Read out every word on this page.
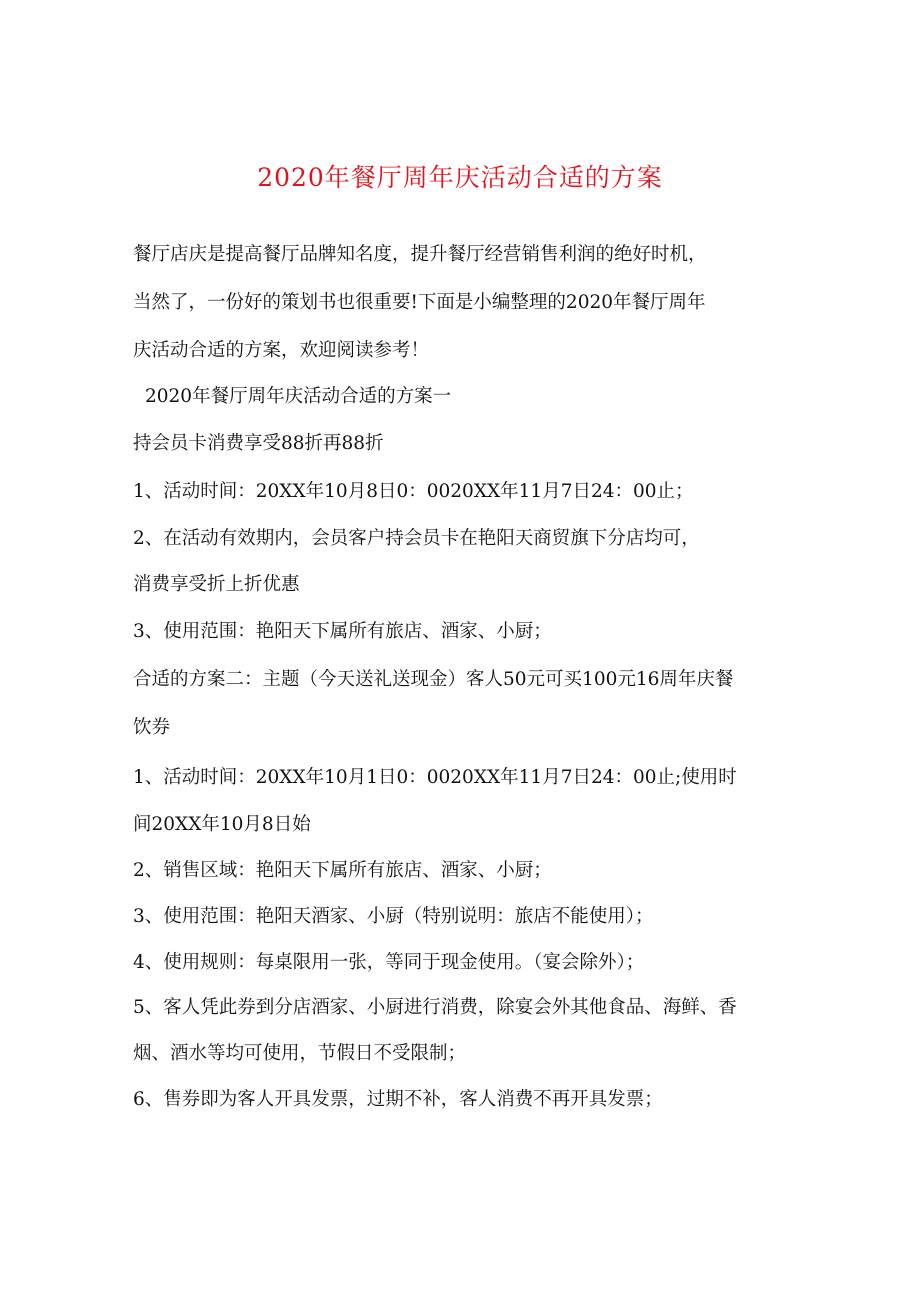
2020年餐厅周年庆活动合适的方案
餐厅店庆是提高餐厅品牌知名度，提升餐厅经营销售利润的绝好时机，
当然了，一份好的策划书也很重要!下面是小编整理的2020年餐厅周年
庆活动合适的方案，欢迎阅读参考！
2020年餐厅周年庆活动合适的方案一
持会员卡消费享受88折再88折
1、活动时间：20XX年10月8日0：0020XX年11月7日24：00止；
2、在活动有效期内，会员客户持会员卡在艳阳天商贸旗下分店均可，
消费享受折上折优惠
3、使用范围：艳阳天下属所有旅店、酒家、小厨；
合适的方案二：主题（今天送礼送现金）客人50元可买100元16周年庆餐
饮券
1、活动时间：20XX年10月1日0：0020XX年11月7日24：00止;使用时
间20XX年10月8日始
2、销售区域：艳阳天下属所有旅店、酒家、小厨；
3、使用范围：艳阳天酒家、小厨（特别说明：旅店不能使用）；
4、使用规则：每桌限用一张，等同于现金使用。（宴会除外）；
5、客人凭此券到分店酒家、小厨进行消费，除宴会外其他食品、海鲜、香
烟、酒水等均可使用，节假日不受限制；
6、售券即为客人开具发票，过期不补，客人消费不再开具发票；
